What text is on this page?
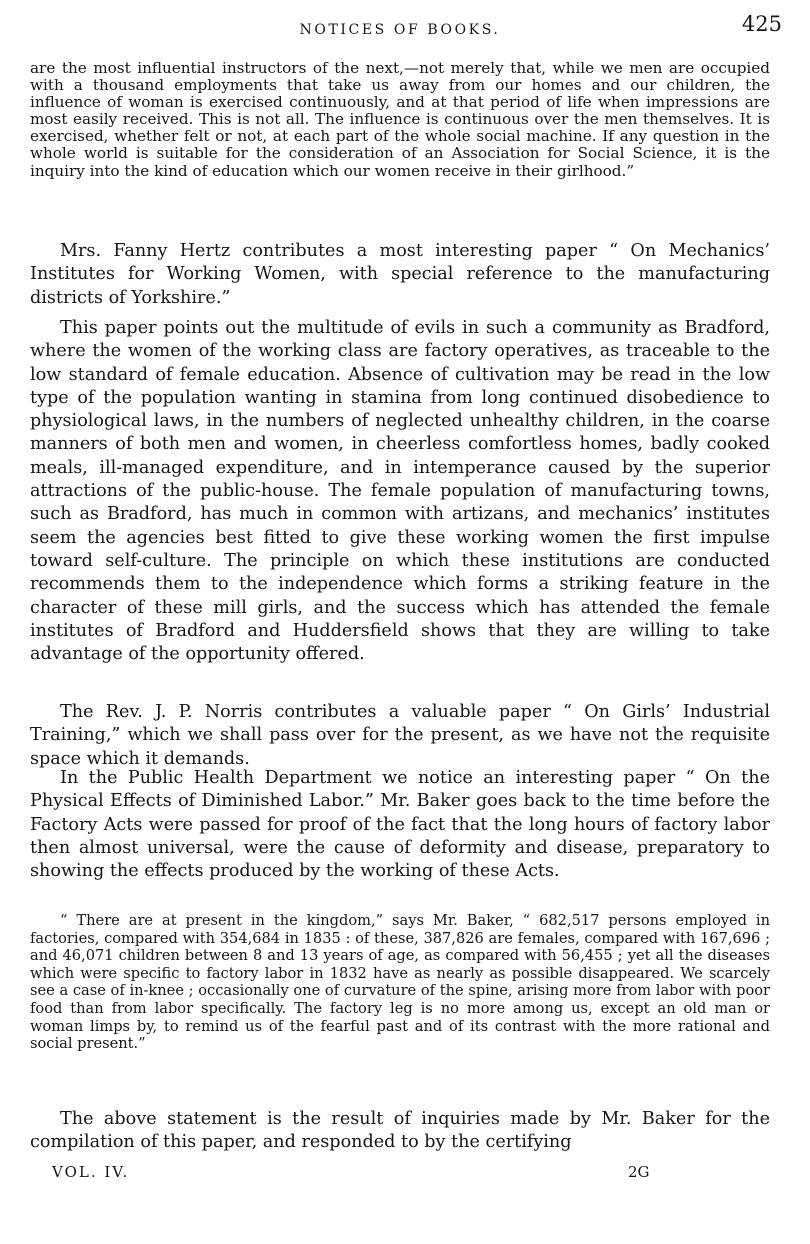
NOTICES OF BOOKS.	425

are the most influential instructors of the next,—not merely that, while we men are occupied with a thousand employments that take us away from our homes and our children, the influence of woman is exercised continuously, and at that period of life when impressions are most easily received. This is not all. The influence is continuous over the men themselves. It is exercised, whether felt or not, at each part of the whole social machine. If any question in the whole world is suitable for the consideration of an Association for Social Science, it is the inquiry into the kind of education which our women receive in their girlhood.”

Mrs. Fanny Hertz contributes a most interesting paper “ On Mechanics’ Institutes for Working Women, with special reference to the manufacturing districts of Yorkshire.”

This paper points out the multitude of evils in such a community as Bradford, where the women of the working class are factory operatives, as traceable to the low standard of female education. Absence of cultivation may be read in the low type of the population wanting in stamina from long continued disobedience to physiological laws, in the numbers of neglected unhealthy children, in the coarse manners of both men and women, in cheerless comfortless homes, badly cooked meals, ill-managed expenditure, and in intemperance caused by the superior attractions of the public-house. The female population of manufacturing towns, such as Bradford, has much in common with artizans, and mechanics’ institutes seem the agencies best fitted to give these working women the first impulse toward self-culture. The principle on which these institutions are conducted recommends them to the independence which forms a striking feature in the character of these mill girls, and the success which has attended the female institutes of Bradford and Huddersfield shows that they are willing to take advantage of the opportunity offered.

The Rev. J. P. Norris contributes a valuable paper “ On Girls’ Industrial Training,” which we shall pass over for the present, as we have not the requisite space which it demands.

In the Public Health Department we notice an interesting paper “ On the Physical Effects of Diminished Labor.” Mr. Baker goes back to the time before the Factory Acts were passed for proof of the fact that the long hours of factory labor then almost universal, were the cause of deformity and disease, preparatory to showing the effects produced by the working of these Acts.

“ There are at present in the kingdom,” says Mr. Baker, “ 682,517 persons employed in factories, compared with 354,684 in 1835 : of these, 387,826 are females, compared with 167,696 ; and 46,071 children between 8 and 13 years of age, as compared with 56,455 ; yet all the diseases which were specific to factory labor in 1832 have as nearly as possible disappeared. We scarcely see a case of in-knee ; occasionally one of curvature of the spine, arising more from labor with poor food than from labor specifically. The factory leg is no more among us, except an old man or woman limps by, to remind us of the fearful past and of its contrast with the more rational and social present.”

The above statement is the result of inquiries made by Mr. Baker for the compilation of this paper, and responded to by the certifying

VOL. IV.	2G
